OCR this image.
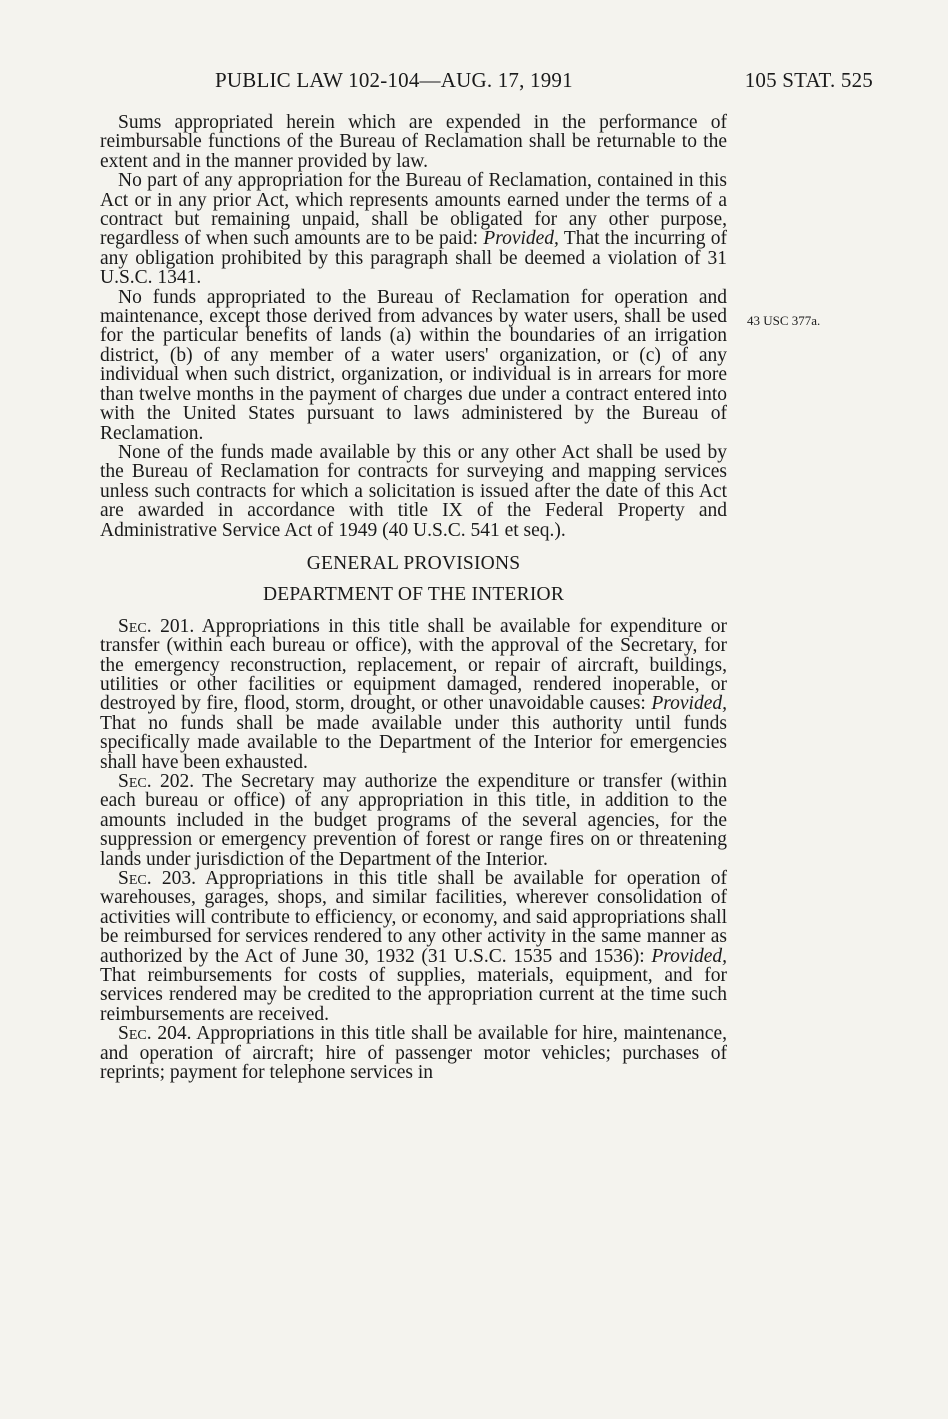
PUBLIC LAW 102-104—AUG. 17, 1991	105 STAT. 525
43 USC 377a.

Sums appropriated herein which are expended in the performance of reimbursable functions of the Bureau of Reclamation shall be returnable to the extent and in the manner provided by law.

No part of any appropriation for the Bureau of Reclamation, contained in this Act or in any prior Act, which represents amounts earned under the terms of a contract but remaining unpaid, shall be obligated for any other purpose, regardless of when such amounts are to be paid: Provided, That the incurring of any obligation prohibited by this paragraph shall be deemed a violation of 31 U.S.C. 1341.

No funds appropriated to the Bureau of Reclamation for operation and maintenance, except those derived from advances by water users, shall be used for the particular benefits of lands (a) within the boundaries of an irrigation district, (b) of any member of a water users' organization, or (c) of any individual when such district, organization, or individual is in arrears for more than twelve months in the payment of charges due under a contract entered into with the United States pursuant to laws administered by the Bureau of Reclamation.

None of the funds made available by this or any other Act shall be used by the Bureau of Reclamation for contracts for surveying and mapping services unless such contracts for which a solicitation is issued after the date of this Act are awarded in accordance with title IX of the Federal Property and Administrative Service Act of 1949 (40 U.S.C. 541 et seq.).

GENERAL PROVISIONS
DEPARTMENT OF THE INTERIOR

Sec. 201. Appropriations in this title shall be available for expenditure or transfer (within each bureau or office), with the approval of the Secretary, for the emergency reconstruction, replacement, or repair of aircraft, buildings, utilities or other facilities or equipment damaged, rendered inoperable, or destroyed by fire, flood, storm, drought, or other unavoidable causes: Provided, That no funds shall be made available under this authority until funds specifically made available to the Department of the Interior for emergencies shall have been exhausted.

Sec. 202. The Secretary may authorize the expenditure or transfer (within each bureau or office) of any appropriation in this title, in addition to the amounts included in the budget programs of the several agencies, for the suppression or emergency prevention of forest or range fires on or threatening lands under jurisdiction of the Department of the Interior.

Sec. 203. Appropriations in this title shall be available for operation of warehouses, garages, shops, and similar facilities, wherever consolidation of activities will contribute to efficiency, or economy, and said appropriations shall be reimbursed for services rendered to any other activity in the same manner as authorized by the Act of June 30, 1932 (31 U.S.C. 1535 and 1536): Provided, That reimbursements for costs of supplies, materials, equipment, and for services rendered may be credited to the appropriation current at the time such reimbursements are received.

Sec. 204. Appropriations in this title shall be available for hire, maintenance, and operation of aircraft; hire of passenger motor vehicles; purchases of reprints; payment for telephone services in
